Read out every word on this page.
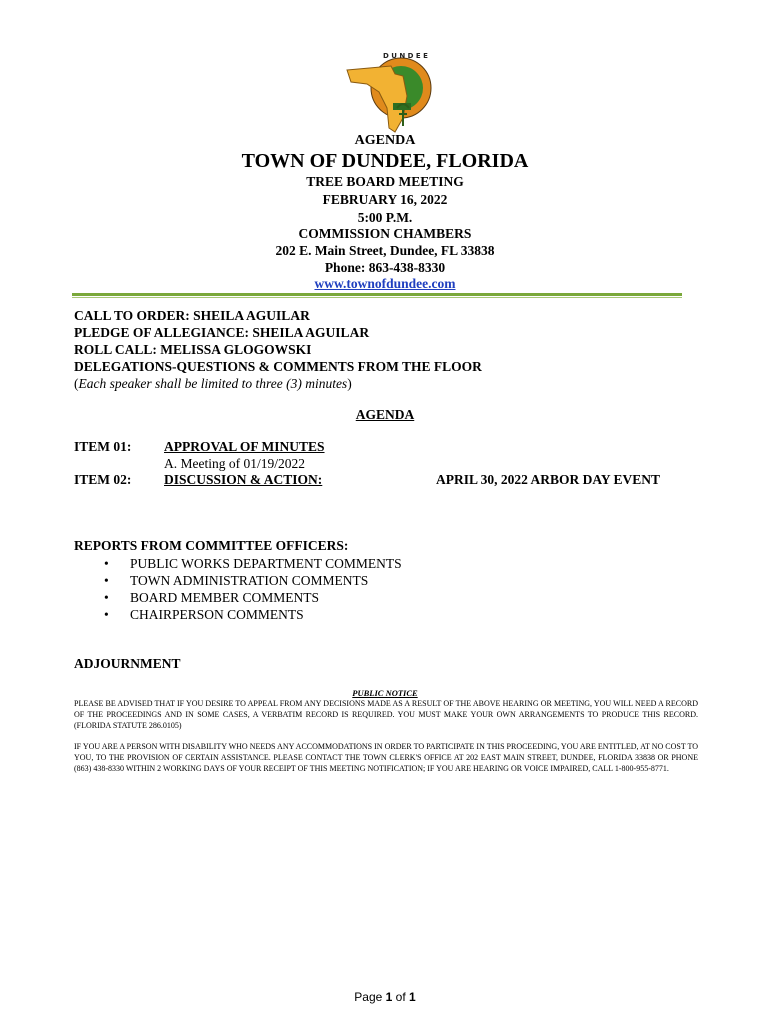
D U N D E E
AGENDA
TOWN OF DUNDEE, FLORIDA
TREE BOARD MEETING
FEBRUARY 16, 2022
5:00 P.M.
COMMISSION CHAMBERS
202 E. Main Street, Dundee, FL 33838
Phone: 863-438-8330
www.townofdundee.com
CALL TO ORDER: SHEILA AGUILAR
PLEDGE OF ALLEGIANCE: SHEILA AGUILAR
ROLL CALL: MELISSA GLOGOWSKI
DELEGATIONS-QUESTIONS & COMMENTS FROM THE FLOOR
(Each speaker shall be limited to three (3) minutes)
AGENDA
ITEM 01: APPROVAL OF MINUTES
A. Meeting of 01/19/2022
ITEM 02: DISCUSSION & ACTION:	APRIL 30, 2022 ARBOR DAY EVENT
REPORTS FROM COMMITTEE OFFICERS:
• PUBLIC WORKS DEPARTMENT COMMENTS
• TOWN ADMINISTRATION COMMENTS
• BOARD MEMBER COMMENTS
• CHAIRPERSON COMMENTS
ADJOURNMENT
PUBLIC NOTICE
PLEASE BE ADVISED THAT IF YOU DESIRE TO APPEAL FROM ANY DECISIONS MADE AS A RESULT OF THE ABOVE HEARING OR MEETING, YOU WILL NEED A RECORD OF THE PROCEEDINGS AND IN SOME CASES, A VERBATIM RECORD IS REQUIRED. YOU MUST MAKE YOUR OWN ARRANGEMENTS TO PRODUCE THIS RECORD. (FLORIDA STATUTE 286.0105)
IF YOU ARE A PERSON WITH DISABILITY WHO NEEDS ANY ACCOMMODATIONS IN ORDER TO PARTICIPATE IN THIS PROCEEDING, YOU ARE ENTITLED, AT NO COST TO YOU, TO THE PROVISION OF CERTAIN ASSISTANCE. PLEASE CONTACT THE TOWN CLERK'S OFFICE AT 202 EAST MAIN STREET, DUNDEE, FLORIDA 33838 OR PHONE (863) 438-8330 WITHIN 2 WORKING DAYS OF YOUR RECEIPT OF THIS MEETING NOTIFICATION; IF YOU ARE HEARING OR VOICE IMPAIRED, CALL 1-800-955-8771.
Page 1 of 1
